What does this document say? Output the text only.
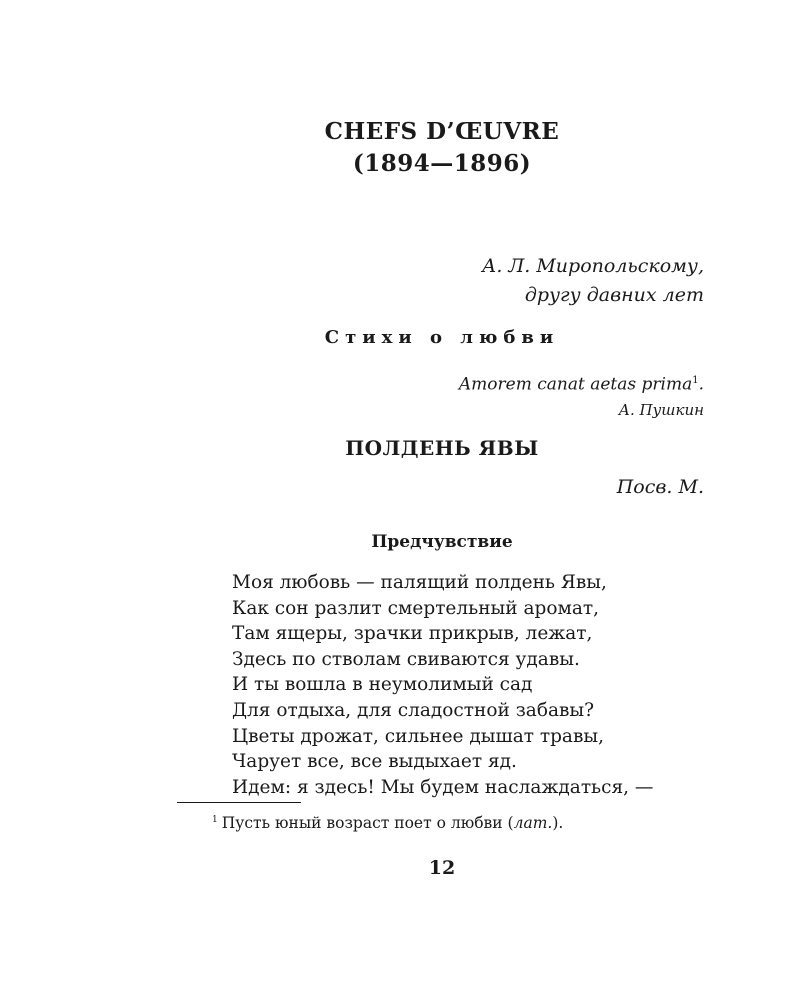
CHEFS D’ŒUVRE
(1894—1896)
А. Л. Миропольскому,
другу давних лет
Стихи о любви
Amorem canat aetas prima$^1$.
А. Пушкин
ПОЛДЕНЬ ЯВЫ
Посв. М.
Предчувствие
Моя любовь — палящий полдень Явы,
Как сон разлит смертельный аромат,
Там ящеры, зрачки прикрыв, лежат,
Здесь по стволам свиваются удавы.
И ты вошла в неумолимый сад
Для отдыха, для сладостной забавы?
Цветы дрожат, сильнее дышат травы,
Чарует все, все выдыхает яд.
Идем: я здесь! Мы будем наслаждаться, —
$^1$ Пусть юный возраст поет о любви (лат.).
12
